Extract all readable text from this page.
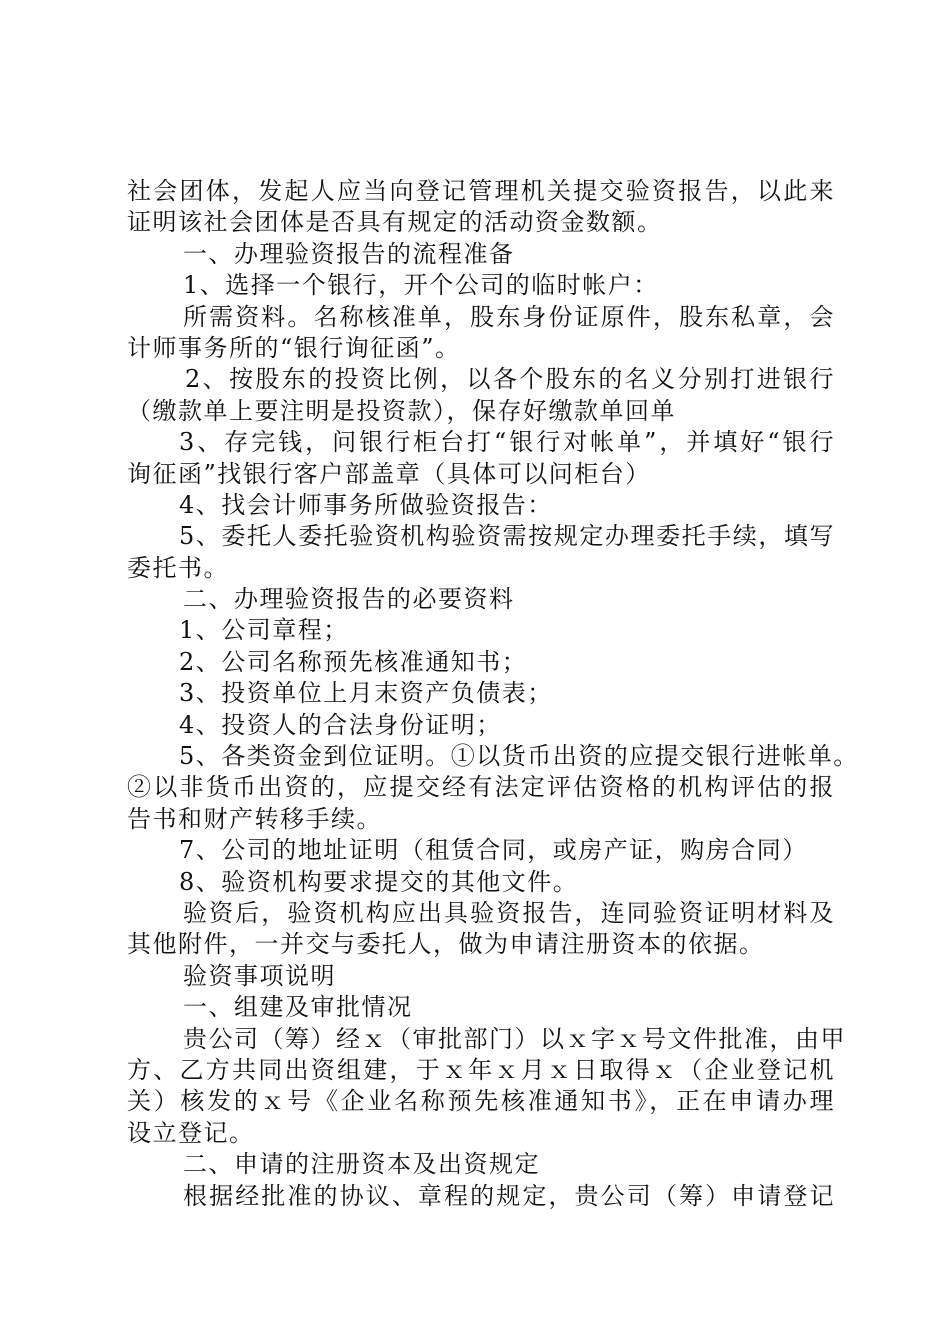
社会团体，发起人应当向登记管理机关提交验资报告，以此来
证明该社会团体是否具有规定的活动资金数额。
一、办理验资报告的流程准备
1、选择一个银行，开个公司的临时帐户：
所需资料。名称核准单，股东身份证原件，股东私章，会
计师事务所的“银行询征函”。
2、按股东的投资比例，以各个股东的名义分别打进银行
（缴款单上要注明是投资款），保存好缴款单回单
3、存完钱，问银行柜台打“银行对帐单”，并填好“银行
询征函”找银行客户部盖章（具体可以问柜台）
4、找会计师事务所做验资报告：
5、委托人委托验资机构验资需按规定办理委托手续，填写
委托书。
二、办理验资报告的必要资料
1、公司章程；
2、公司名称预先核准通知书；
3、投资单位上月末资产负债表；
4、投资人的合法身份证明；
5、各类资金到位证明。①以货币出资的应提交银行进帐单。
②以非货币出资的，应提交经有法定评估资格的机构评估的报
告书和财产转移手续。
7、公司的地址证明（租赁合同，或房产证，购房合同）
8、验资机构要求提交的其他文件。
验资后，验资机构应出具验资报告，连同验资证明材料及
其他附件，一并交与委托人，做为申请注册资本的依据。
验资事项说明
一、组建及审批情况
贵公司（筹）经ｘ（审批部门）以ｘ字ｘ号文件批准，由甲
方、乙方共同出资组建，于ｘ年ｘ月ｘ日取得ｘ（企业登记机
关）核发的ｘ号《企业名称预先核准通知书》，正在申请办理
设立登记。
二、申请的注册资本及出资规定
根据经批准的协议、章程的规定，贵公司（筹）申请登记
